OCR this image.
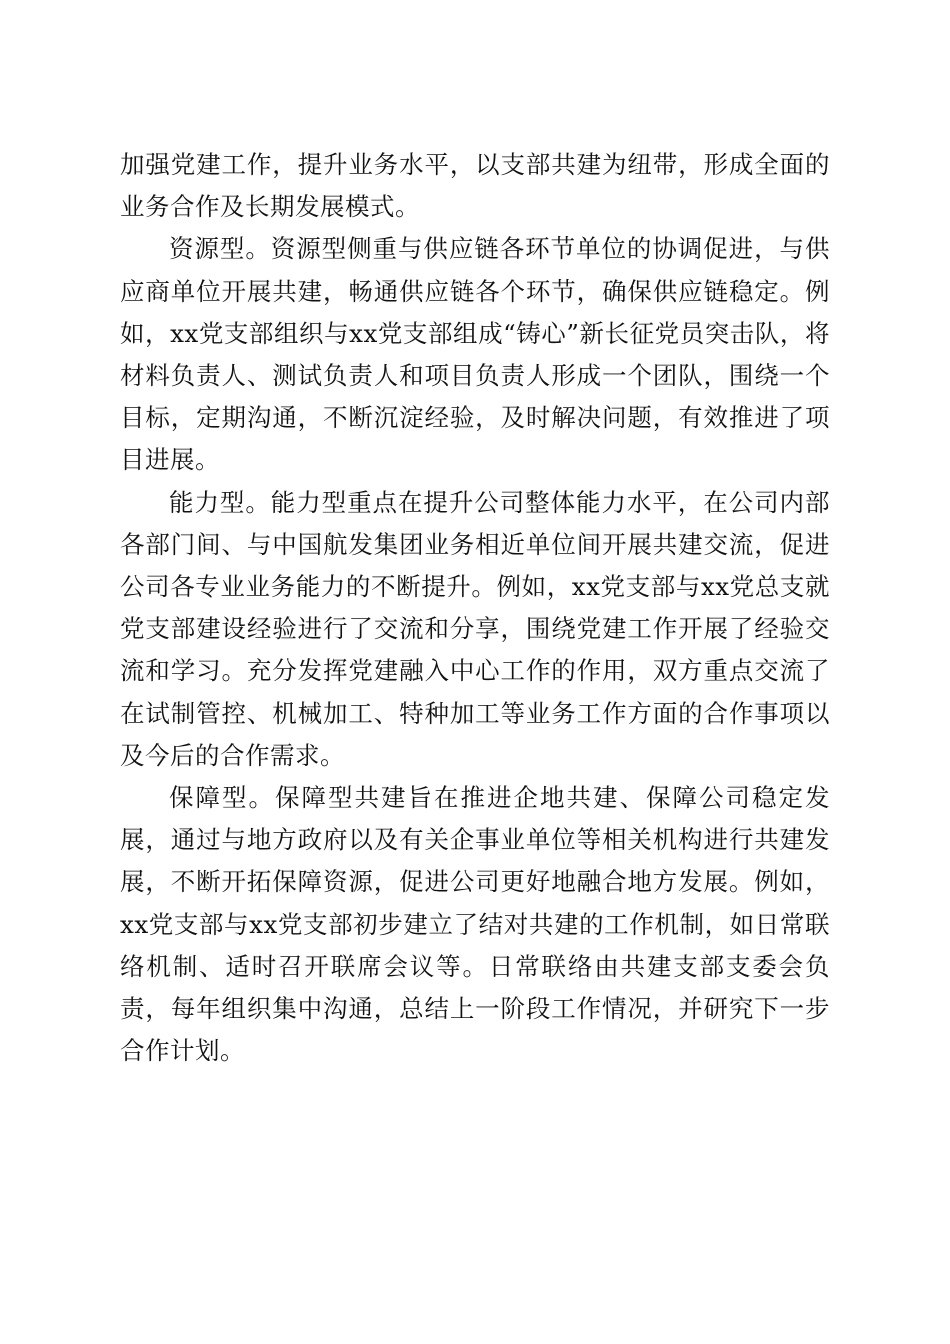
加强党建工作，提升业务水平，以支部共建为纽带，形成全面的业务合作及长期发展模式。

资源型。资源型侧重与供应链各环节单位的协调促进，与供应商单位开展共建，畅通供应链各个环节，确保供应链稳定。例如，xx党支部组织与xx党支部组成“铸心”新长征党员突击队，将材料负责人、测试负责人和项目负责人形成一个团队，围绕一个目标，定期沟通，不断沉淀经验，及时解决问题，有效推进了项目进展。

能力型。能力型重点在提升公司整体能力水平，在公司内部各部门间、与中国航发集团业务相近单位间开展共建交流，促进公司各专业业务能力的不断提升。例如，xx党支部与xx党总支就党支部建设经验进行了交流和分享，围绕党建工作开展了经验交流和学习。充分发挥党建融入中心工作的作用，双方重点交流了在试制管控、机械加工、特种加工等业务工作方面的合作事项以及今后的合作需求。

保障型。保障型共建旨在推进企地共建、保障公司稳定发展，通过与地方政府以及有关企事业单位等相关机构进行共建发展，不断开拓保障资源，促进公司更好地融合地方发展。例如，xx党支部与xx党支部初步建立了结对共建的工作机制，如日常联络机制、适时召开联席会议等。日常联络由共建支部支委会负责，每年组织集中沟通，总结上一阶段工作情况，并研究下一步合作计划。
